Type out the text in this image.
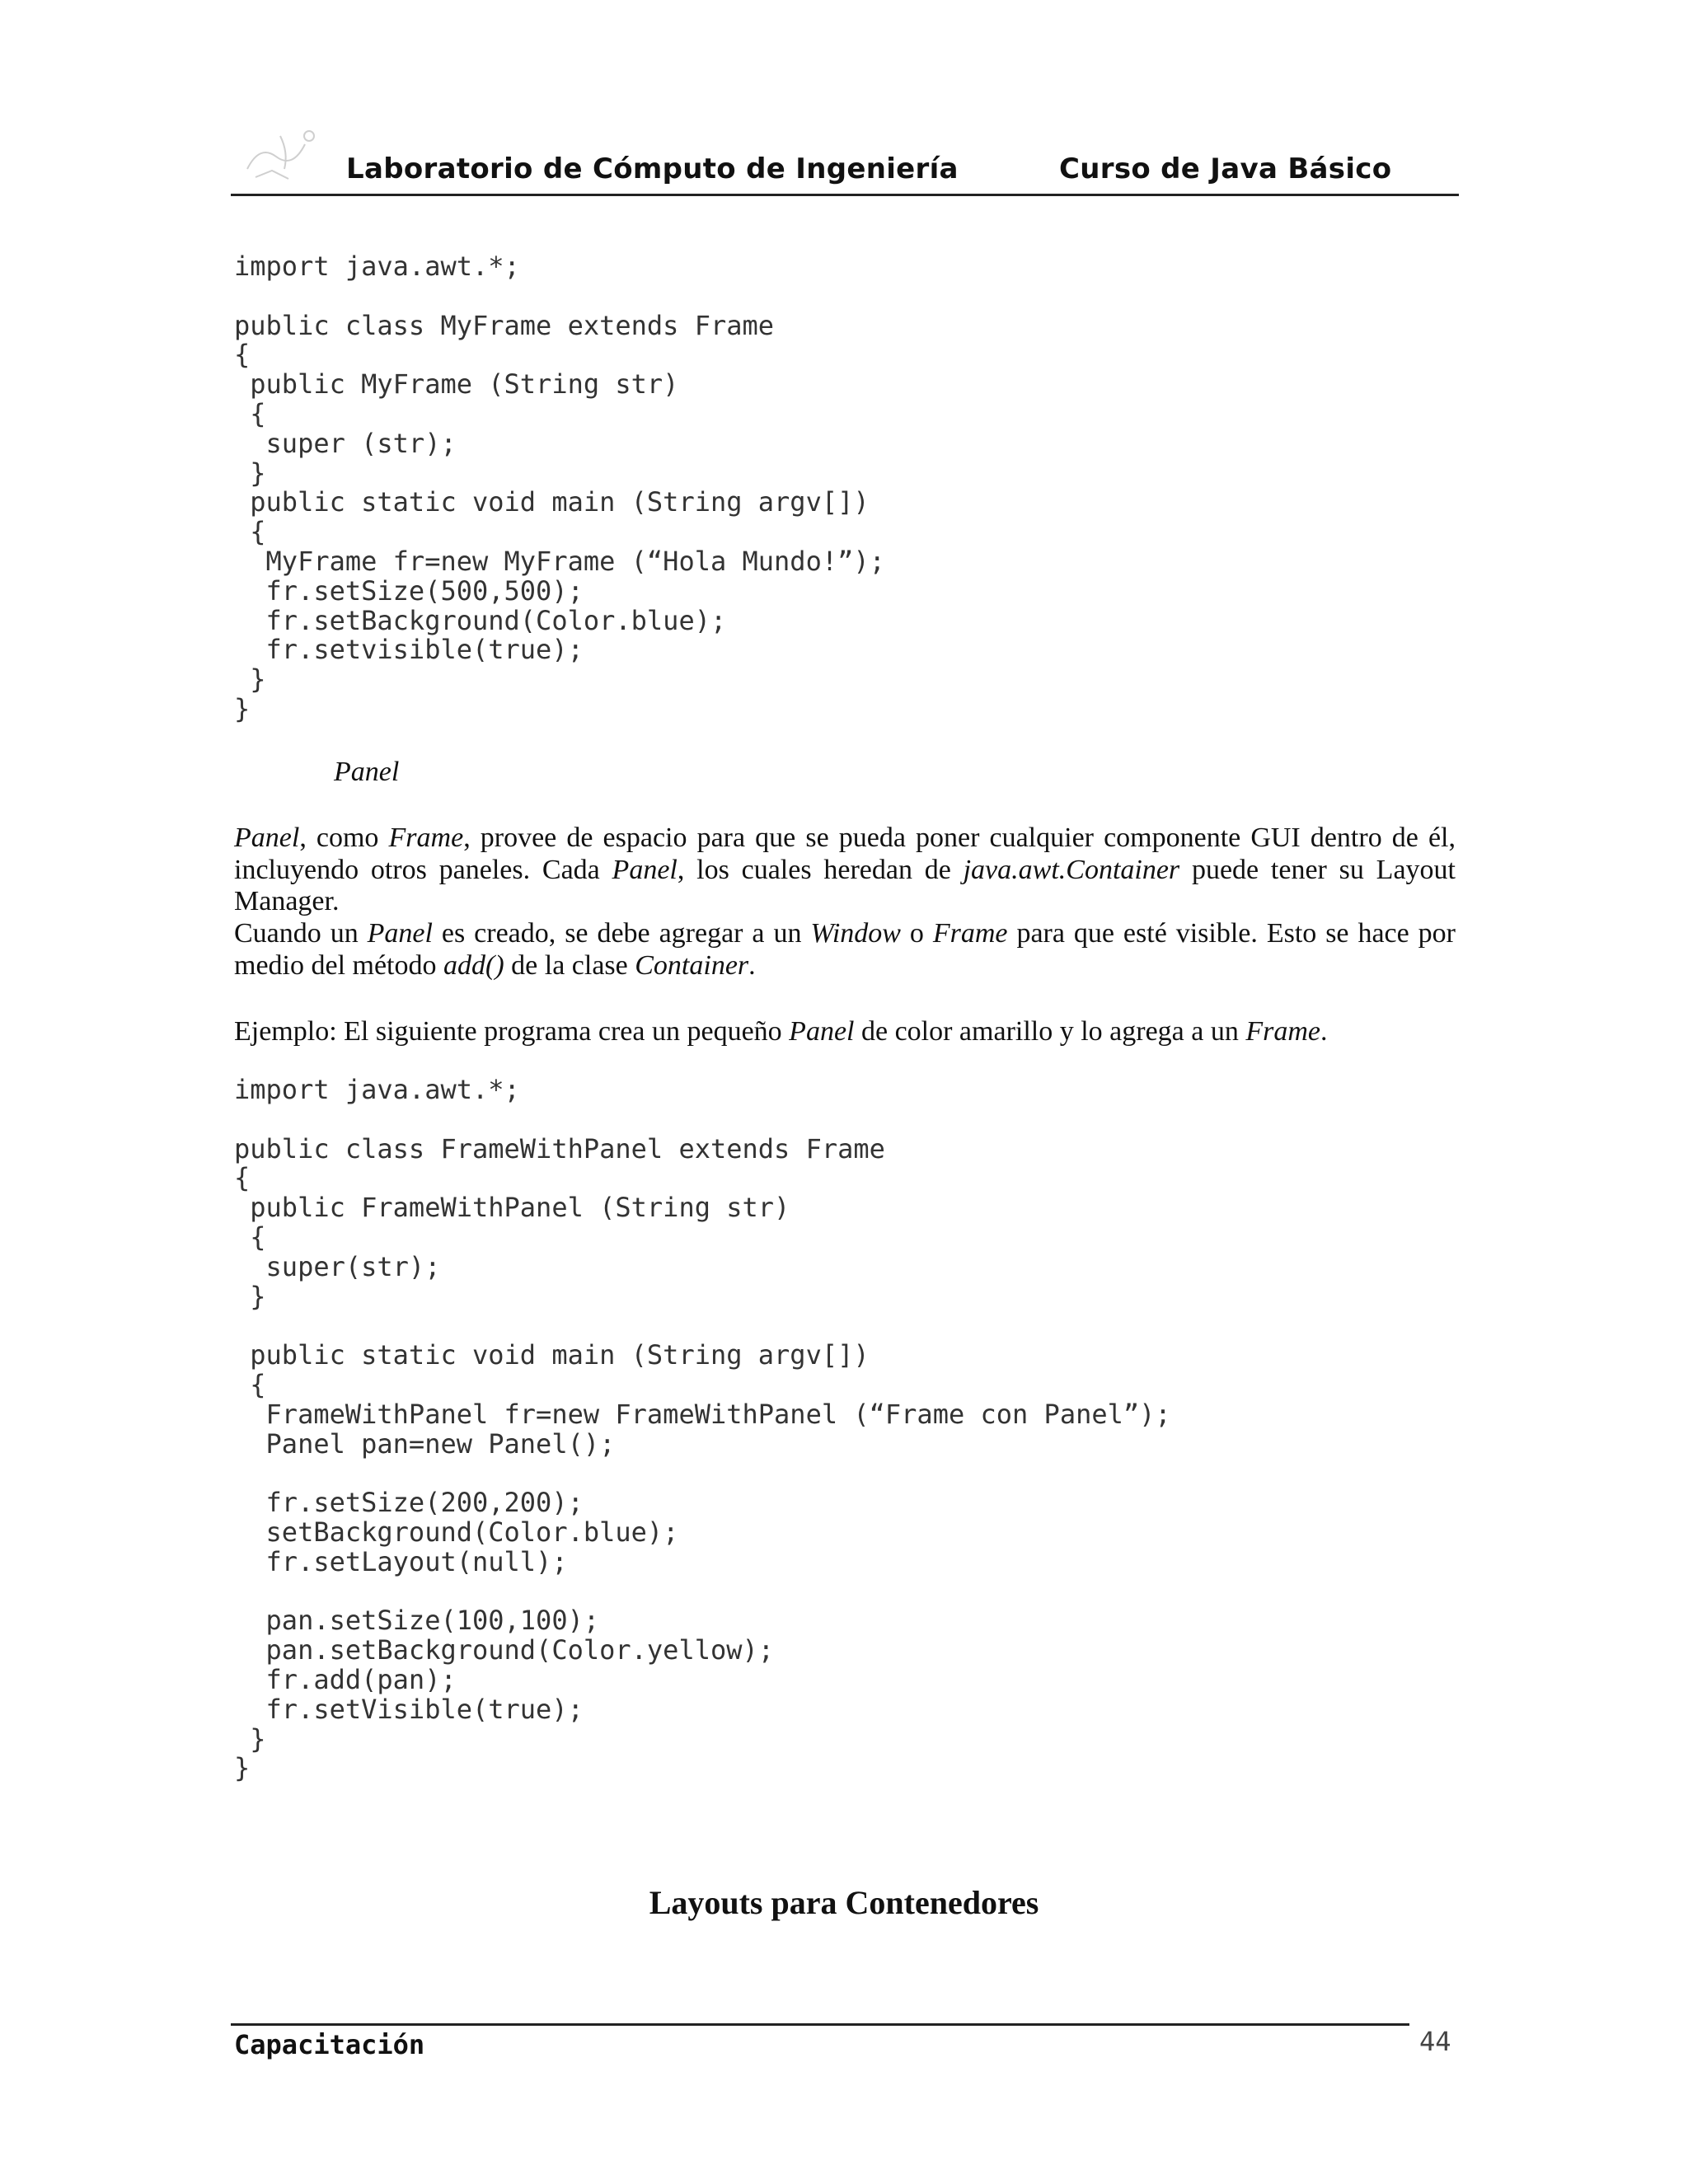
Laboratorio de Cómputo de Ingeniería	Curso de Java Básico
import java.awt.*;

public class MyFrame extends Frame
{
public MyFrame (String str)
{
super (str);
}
public static void main (String argv[])
{
MyFrame fr=new MyFrame (“Hola Mundo!”);
fr.setSize(500,500);
fr.setBackground(Color.blue);
fr.setvisible(true);
}
}
Panel

Panel, como Frame, provee de espacio para que se pueda poner cualquier componente GUI dentro de él, incluyendo otros paneles. Cada Panel, los cuales heredan de java.awt.Container puede tener su Layout Manager.

Cuando un Panel es creado, se debe agregar a un Window o Frame para que esté visible. Esto se hace por medio del método add() de la clase Container.

Ejemplo: El siguiente programa crea un pequeño Panel de color amarillo y lo agrega a un Frame.

import java.awt.*;

public class FrameWithPanel extends Frame
{
public FrameWithPanel (String str)
{
super(str);
}

public static void main (String argv[])
{
FrameWithPanel fr=new FrameWithPanel (“Frame con Panel”);
Panel pan=new Panel();

fr.setSize(200,200);
setBackground(Color.blue);
fr.setLayout(null);

pan.setSize(100,100);
pan.setBackground(Color.yellow);
fr.add(pan);
fr.setVisible(true);
}
}
Layouts para Contenedores
Capacitación	44
